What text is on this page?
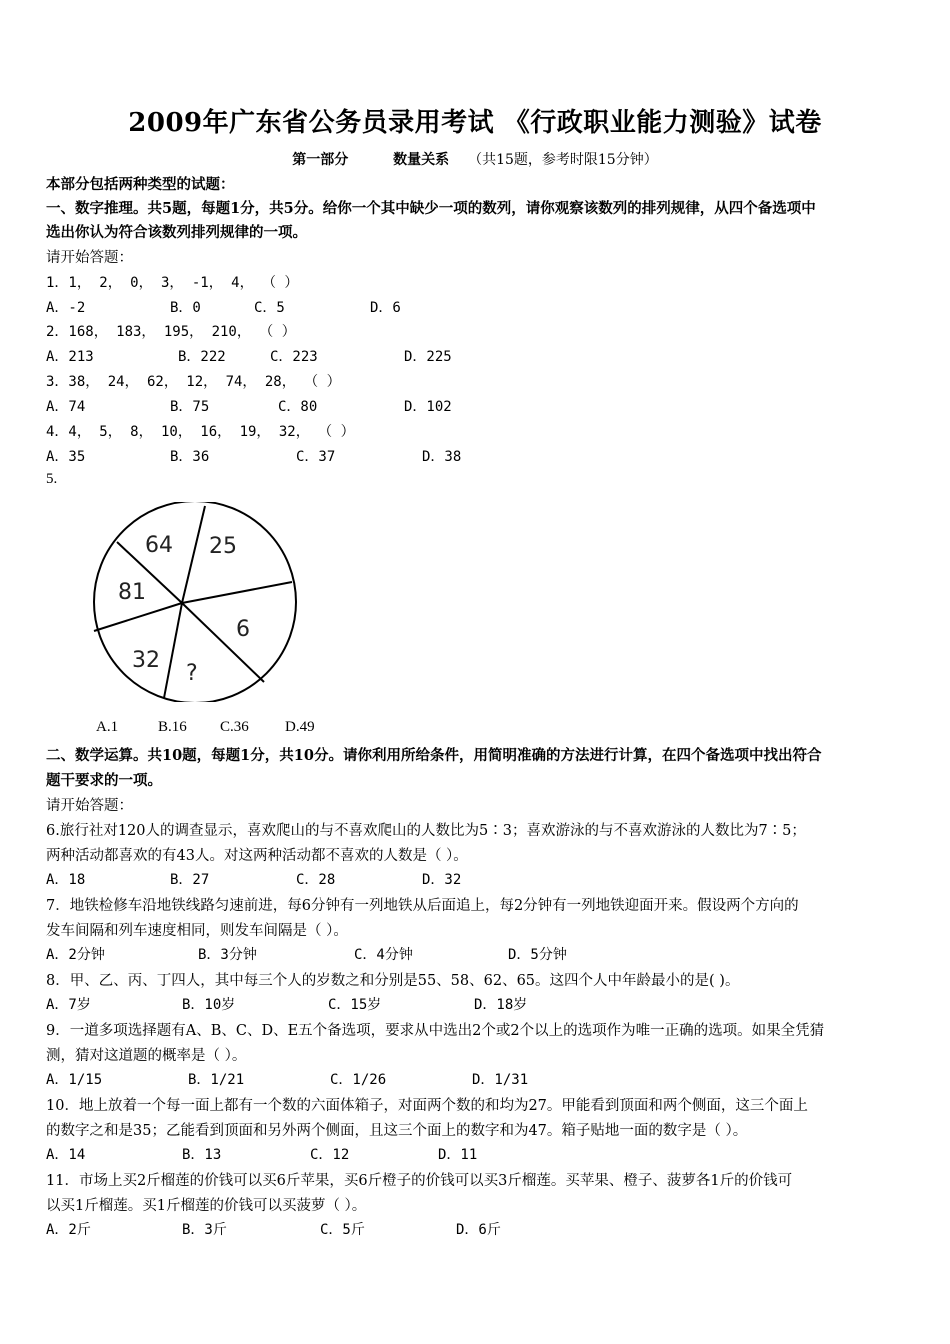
2009年广东省公务员录用考试 《行政职业能力测验》试卷
第一部分	数量关系 （共15题，参考时限15分钟）
本部分包括两种类型的试题：
一、数字推理。共5题，每题1分，共5分。给你一个其中缺少一项的数列，请你观察该数列的排列规律，从四个备选项中
选出你认为符合该数列排列规律的一项。
请开始答题：
1．1， 2， 0， 3， -1， 4， （ ）
A．-2	B．0	C．5	D．6
2．168， 183， 195， 210， （ ）
A．213	B．222	C．223	D．225
3．38， 24， 62， 12， 74， 28， （ ）
A．74	B．75	C．80	D．102
4．4， 5， 8， 10， 16， 19， 32， （ ）
A．35	B．36	C．37	D．38
5.
64 25
81
6
32
?
A.1	B.16 C.36 D.49
二、数学运算。共10题，每题1分，共10分。请你利用所给条件，用简明准确的方法进行计算，在四个备选项中找出符合
题干要求的一项。
请开始答题：
6.旅行社对120人的调查显示，喜欢爬山的与不喜欢爬山的人数比为5∶3；喜欢游泳的与不喜欢游泳的人数比为7∶5；
两种活动都喜欢的有43人。对这两种活动都不喜欢的人数是（ ）。
A．18	B．27	C．28	D．32
7．地铁检修车沿地铁线路匀速前进，每6分钟有一列地铁从后面追上，每2分钟有一列地铁迎面开来。假设两个方向的
发车间隔和列车速度相同，则发车间隔是（ ）。
A．2分钟	B．3分钟	C．4分钟	D．5分钟
8．甲、乙、丙、丁四人，其中每三个人的岁数之和分别是55、58、62、65。这四个人中年龄最小的是( )。
A．7岁	B．10岁	C．15岁	D．18岁
9．一道多项选择题有A、B、C、D、E五个备选项，要求从中选出2个或2个以上的选项作为唯一正确的选项。如果全凭猜
测，猜对这道题的概率是（ ）。
A．1/15	B．1/21	C．1/26	D．1/31
10．地上放着一个每一面上都有一个数的六面体箱子，对面两个数的和均为27。甲能看到顶面和两个侧面，这三个面上
的数字之和是35；乙能看到顶面和另外两个侧面，且这三个面上的数字和为47。箱子贴地一面的数字是（ ）。
A．14	B．13	C．12	D．11
11．市场上买2斤榴莲的价钱可以买6斤苹果，买6斤橙子的价钱可以买3斤榴莲。买苹果、橙子、菠萝各1斤的价钱可
以买1斤榴莲。买1斤榴莲的价钱可以买菠萝（ ）。
A．2斤	B．3斤	C．5斤	D．6斤
